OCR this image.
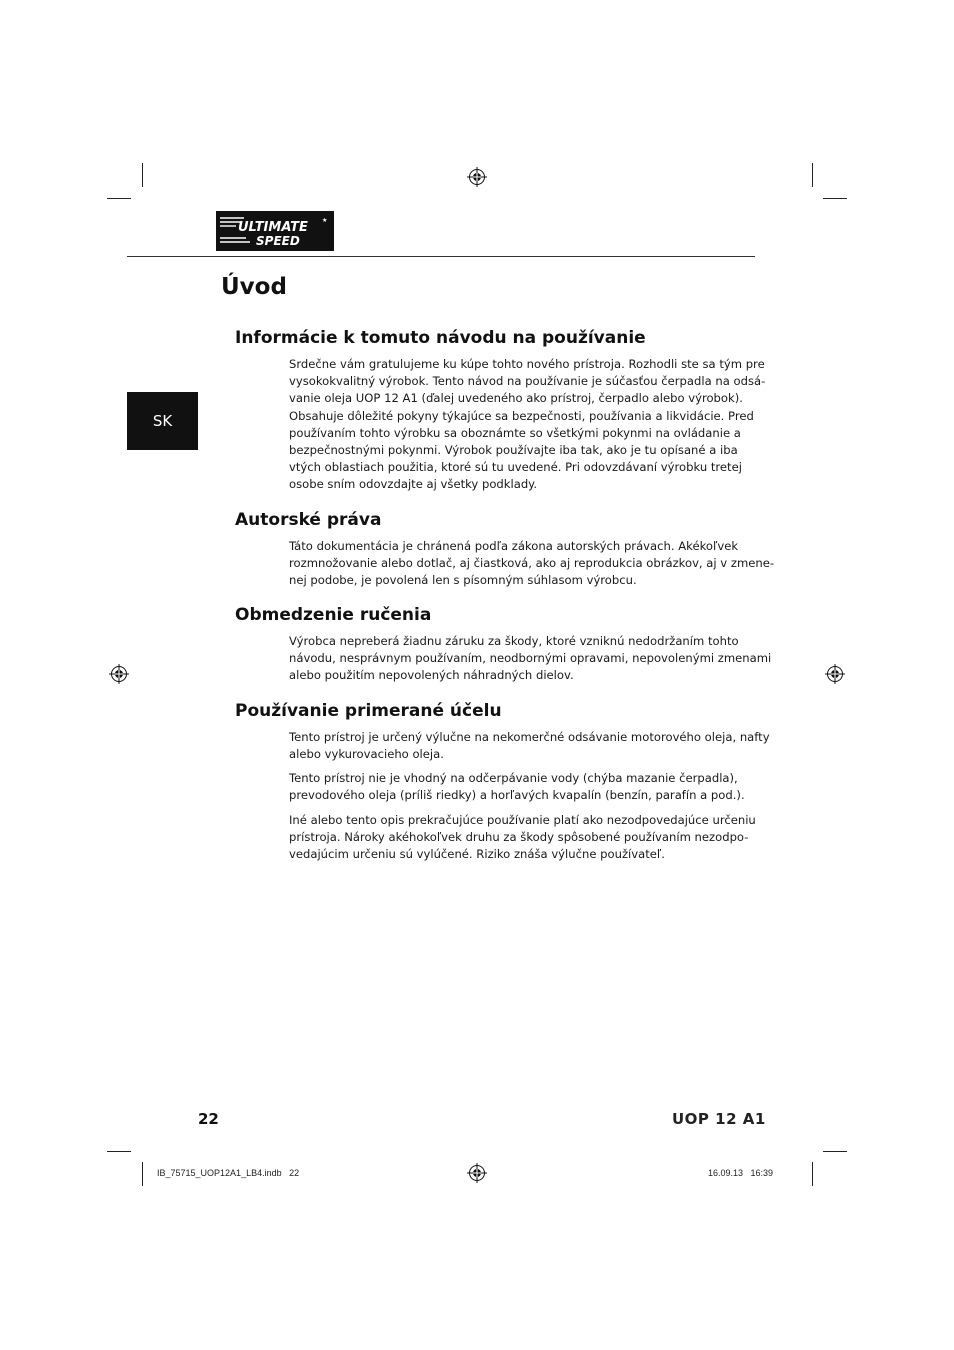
ULTIMATE
SPEED
★
Úvod
SK
Informácie k tomuto návodu na používanie

Srdečne vám gratulujeme ku kúpe tohto nového prístroja. Rozhodli ste sa tým pre
vysokokvalitný výrobok. Tento návod na používanie je súčasťou čerpadla na odsá-
vanie oleja UOP 12 A1 (ďalej uvedeného ako prístroj, čerpadlo alebo výrobok).
Obsahuje dôležité pokyny týkajúce sa bezpečnosti, používania a likvidácie. Pred
používaním tohto výrobku sa oboznámte so všetkými pokynmi na ovládanie a
bezpečnostnými pokynmi. Výrobok používajte iba tak, ako je tu opísané a iba
vtých oblastiach použitia, ktoré sú tu uvedené. Pri odovzdávaní výrobku tretej
osobe sním odovzdajte aj všetky podklady.

Autorské práva

Táto dokumentácia je chránená podľa zákona autorských právach. Akékoľvek
rozmnožovanie alebo dotlač, aj čiastková, ako aj reprodukcia obrázkov, aj v zmene-
nej podobe, je povolená len s písomným súhlasom výrobcu.

Obmedzenie ručenia

Výrobca nepreberá žiadnu záruku za škody, ktoré vzniknú nedodržaním tohto
návodu, nesprávnym používaním, neodbornými opravami, nepovolenými zmenami
alebo použitím nepovolených náhradných dielov.

Používanie primerané účelu

Tento prístroj je určený výlučne na nekomerčné odsávanie motorového oleja, nafty
alebo vykurovacieho oleja.

Tento prístroj nie je vhodný na odčerpávanie vody (chýba mazanie čerpadla),
prevodového oleja (príliš riedky) a horľavých kvapalín (benzín, parafín a pod.).

Iné alebo tento opis prekračujúce používanie platí ako nezodpovedajúce určeniu
prístroja. Nároky akéhokoľvek druhu za škody spôsobené používaním nezodpo-
vedajúcim určeniu sú vylúčené. Riziko znáša výlučne používateľ.

22	UOP 12 A1
IB_75715_UOP12A1_LB4.indb   22	16.09.13   16:39
